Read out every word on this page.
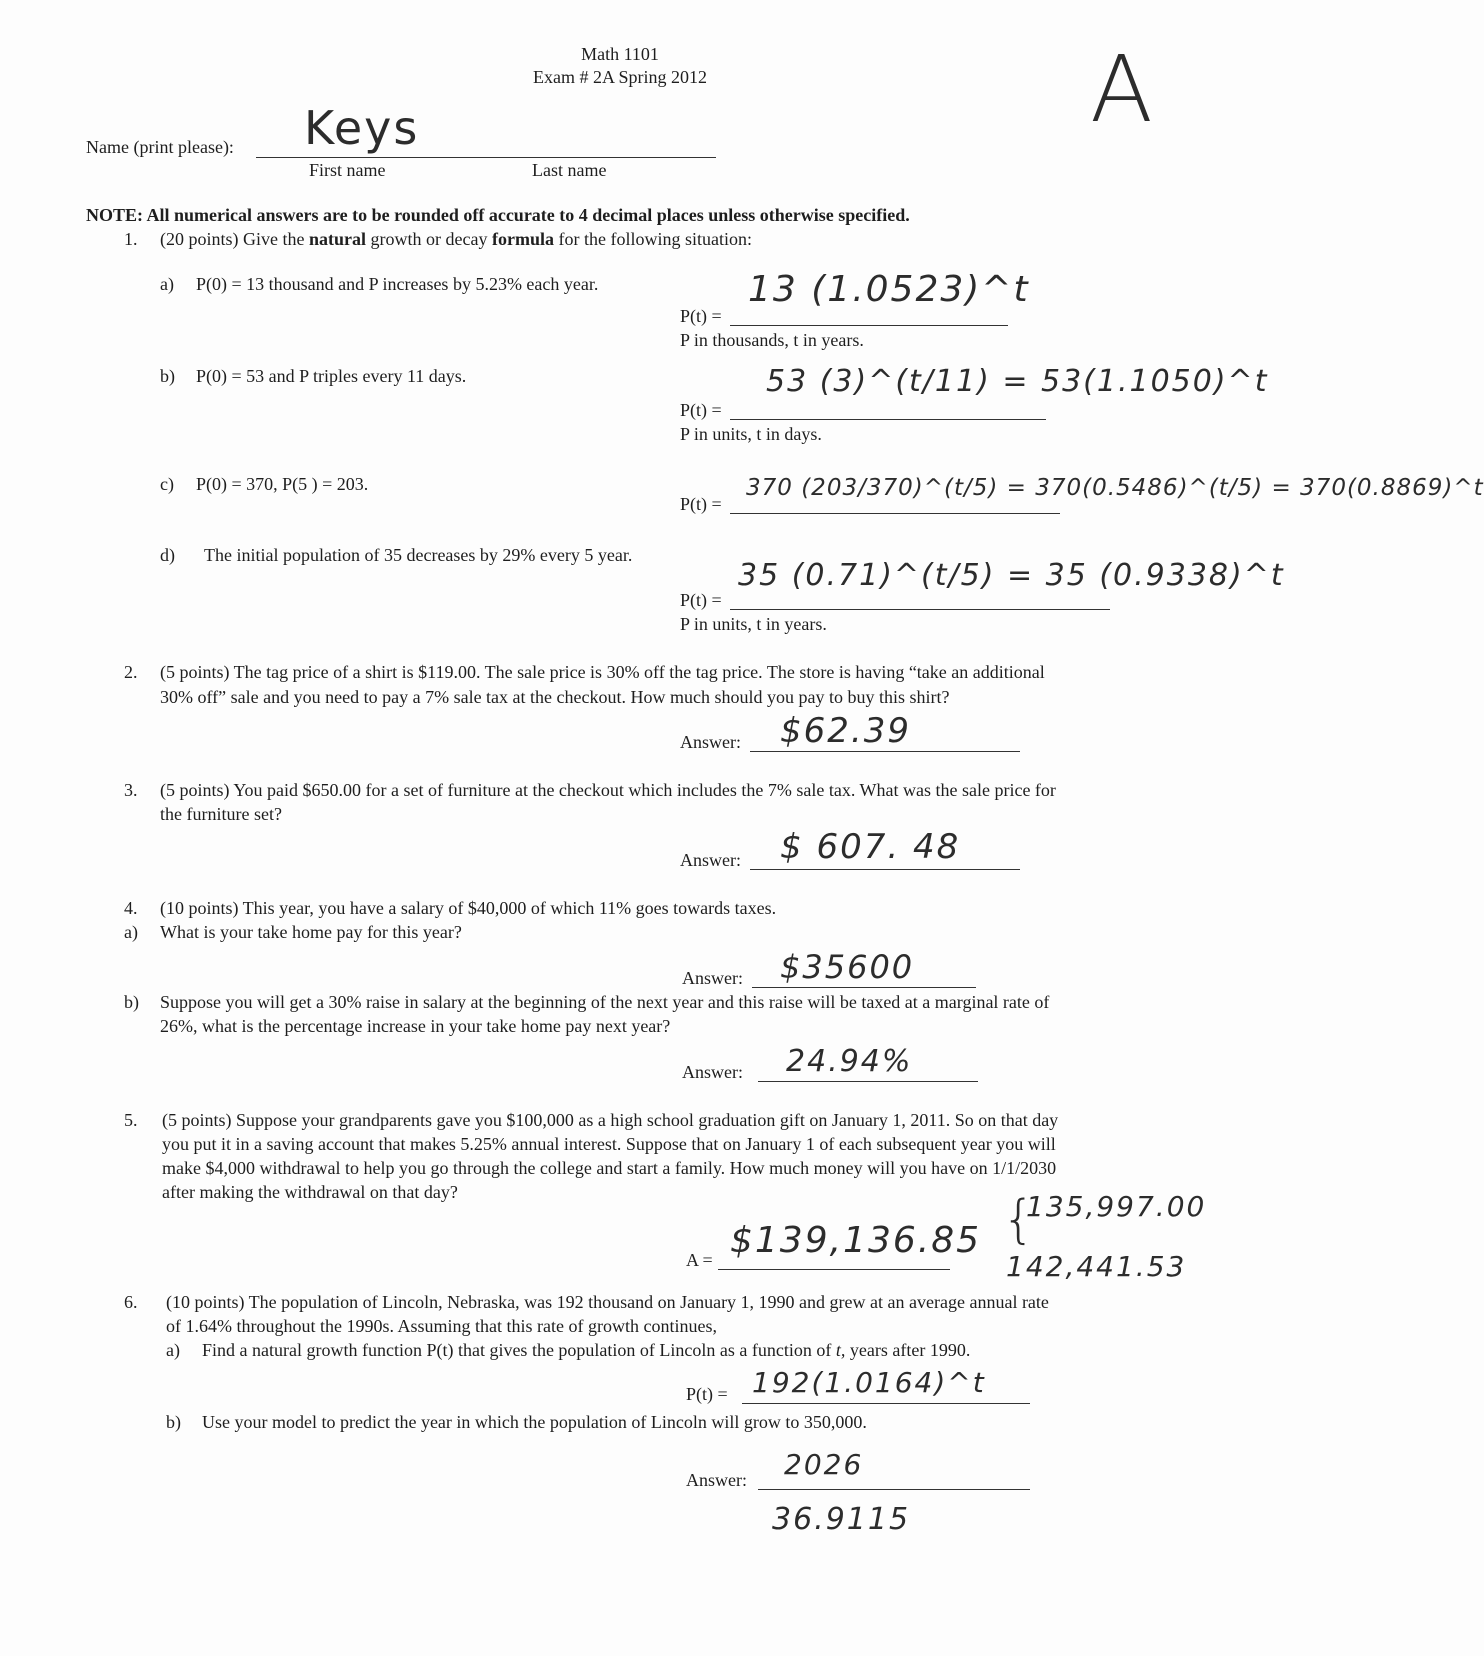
Math 1101
Exam # 2A Spring 2012	A
Name (print please): Keys
First name	Last name
NOTE: All numerical answers are to be rounded off accurate to 4 decimal places unless otherwise specified.
1. (20 points) Give the natural growth or decay formula for the following situation:
a) P(0) = 13 thousand and P increases by 5.23% each year.
P(t) =
13 (1.0523)^t
P in thousands, t in years.
b) P(0) = 53 and P triples every 11 days.
P(t) =
53 (3)^(t/11) = 53(1.1050)^t
P in units, t in days.
c) P(0) = 370, P(5 ) = 203.
P(t) =
370 (203/370)^(t/5) = 370(0.5486)^(t/5) = 370(0.8869)^t
d) The initial population of 35 decreases by 29% every 5 year.
P(t) =
35 (0.71)^(t/5) = 35 (0.9338)^t
P in units, t in years.
2. (5 points) The tag price of a shirt is $119.00. The sale price is 30% off the tag price. The store is having “take an additional
30% off” sale and you need to pay a 7% sale tax at the checkout. How much should you pay to buy this shirt?
Answer: $62.39
3. (5 points) You paid $650.00 for a set of furniture at the checkout which includes the 7% sale tax. What was the sale price for
the furniture set?
Answer: $ 607. 48
4. (10 points) This year, you have a salary of $40,000 of which 11% goes towards taxes.
a) What is your take home pay for this year?
Answer: $35600
b) Suppose you will get a 30% raise in salary at the beginning of the next year and this raise will be taxed at a marginal rate of
26%, what is the percentage increase in your take home pay next year?
Answer: 24.94%
5. (5 points) Suppose your grandparents gave you $100,000 as a high school graduation gift on January 1, 2011. So on that day
you put it in a saving account that makes 5.25% annual interest. Suppose that on January 1 of each subsequent year you will
make $4,000 withdrawal to help you go through the college and start a family. How much money will you have on 1/1/2030
after making the withdrawal on that day?
A = $139,136.85 {
135,997.00
142,441.53
6. (10 points) The population of Lincoln, Nebraska, was 192 thousand on January 1, 1990 and grew at an average annual rate
of 1.64% throughout the 1990s. Assuming that this rate of growth continues,
a) Find a natural growth function P(t) that gives the population of Lincoln as a function of t, years after 1990.
P(t) = 192(1.0164)^t
b) Use your model to predict the year in which the population of Lincoln will grow to 350,000.
Answer: 2026
36.9115
